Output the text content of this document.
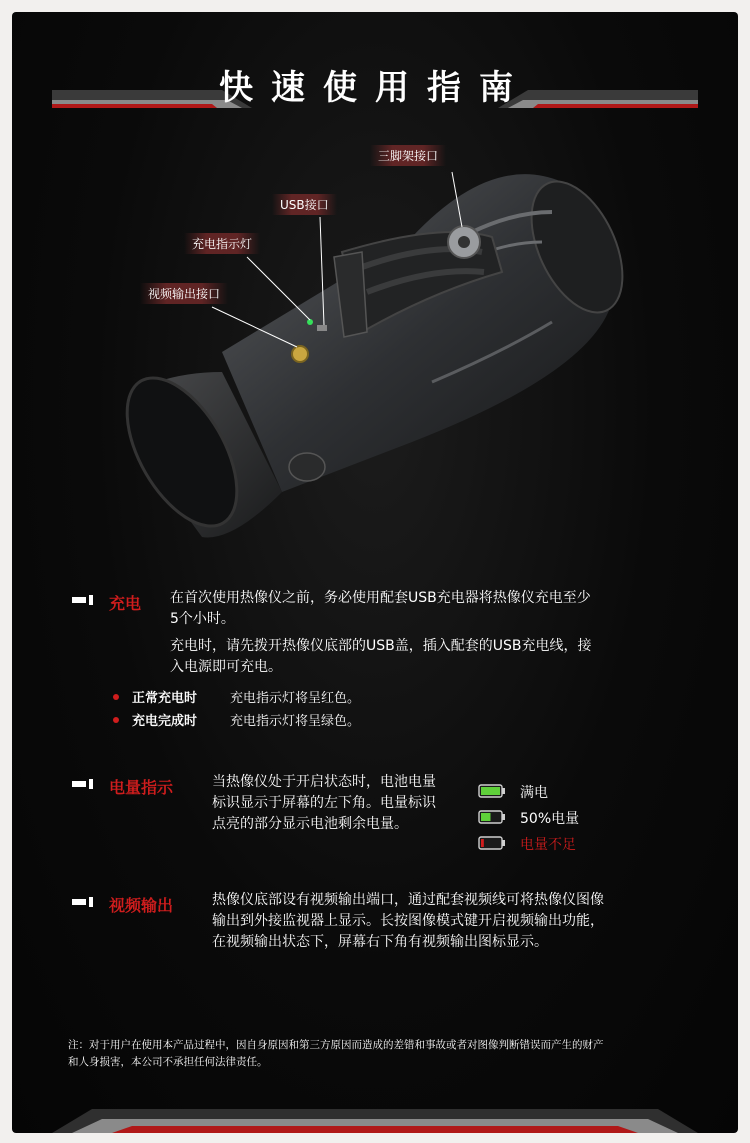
快速使用指南
三脚架接口
USB接口
充电指示灯
视频输出接口
充电 在首次使用热像仪之前，务必使用配套USB充电器将热像仪充电至少
5个小时。
充电时，请先拨开热像仪底部的USB盖，插入配套的USB充电线，接
入电源即可充电。
正常充电时	充电指示灯将呈红色。
充电完成时	充电指示灯将呈绿色。
电量指示	当热像仪处于开启状态时，电池电量
标识显示于屏幕的左下角。电量标识
点亮的部分显示电池剩余电量。
视频输出	热像仪底部设有视频输出端口，通过配套视频线可将热像仪图像
输出到外接监视器上显示。长按图像模式键开启视频输出功能，
在视频输出状态下，屏幕右下角有视频输出图标显示。
注：对于用户在使用本产品过程中，因自身原因和第三方原因而造成的差错和事故或者对图像判断错误而产生的财产
和人身损害，本公司不承担任何法律责任。
满电
50%电量
电量不足
